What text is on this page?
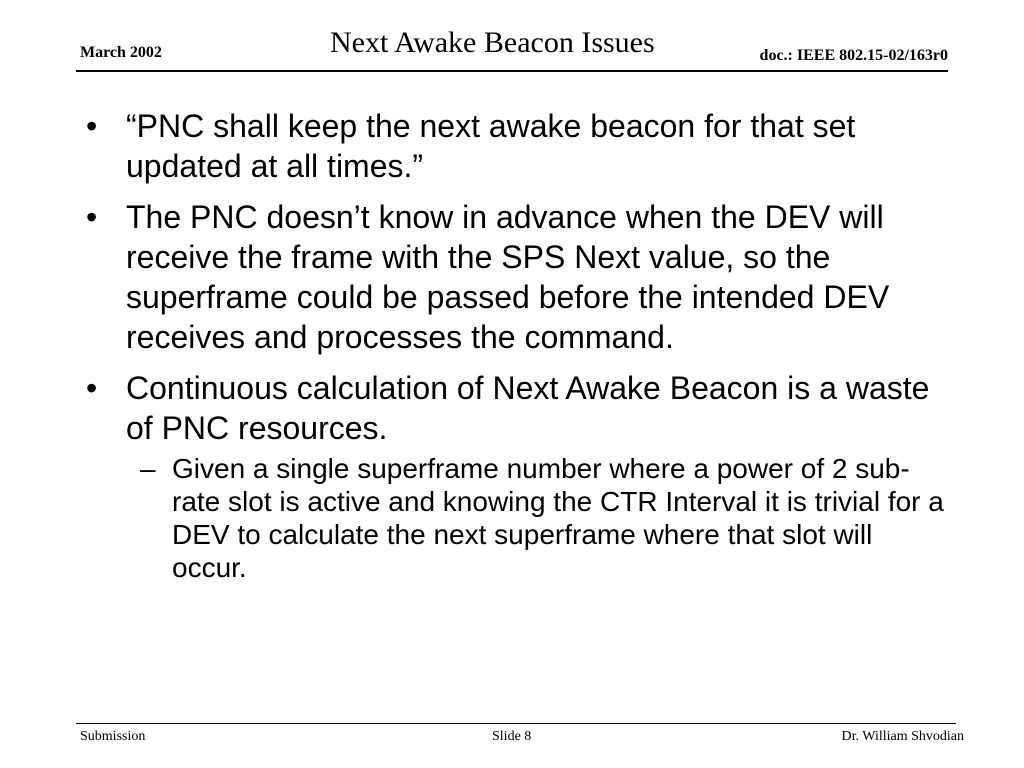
March 2002	Next Awake Beacon Issues	doc.: IEEE 802.15-02/163r0
• “PNC shall keep the next awake beacon for that set updated at all times.”
• The PNC doesn’t know in advance when the DEV will receive the frame with the SPS Next value, so the superframe could be passed before the intended DEV receives and processes the command.
• Continuous calculation of Next Awake Beacon is a waste of PNC resources.
– Given a single superframe number where a power of 2 sub-rate slot is active and knowing the CTR Interval it is trivial for a DEV to calculate the next superframe where that slot will occur.
Submission	Slide 8	Dr. William Shvodian
